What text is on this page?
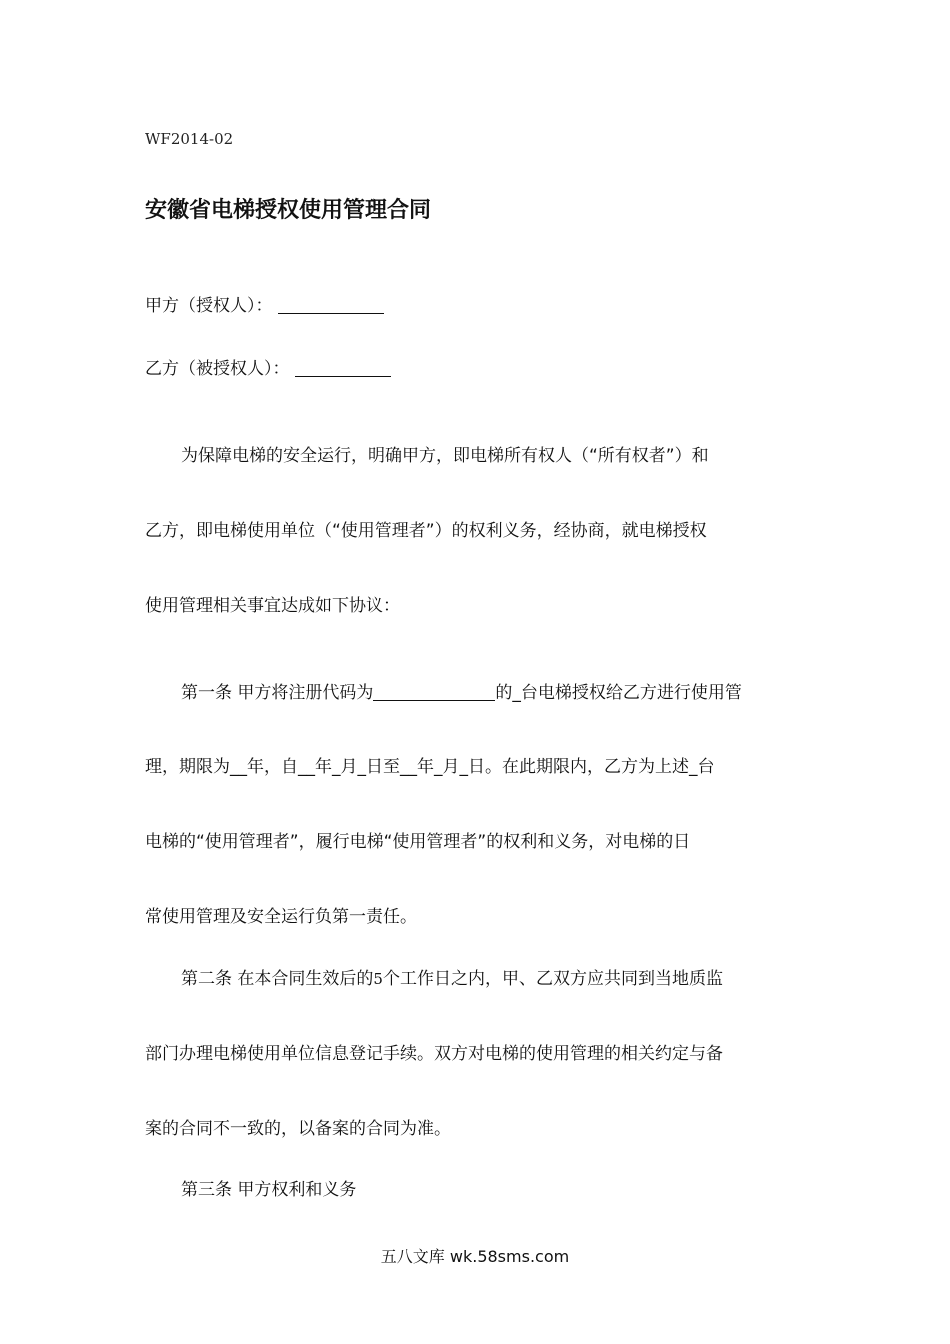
WF2014-02
安徽省电梯授权使用管理合同
甲方（授权人）：
乙方（被授权人）：
为保障电梯的安全运行，明确甲方，即电梯所有权人（“所有权者”）和
乙方，即电梯使用单位（“使用管理者”）的权利义务，经协商，就电梯授权
使用管理相关事宜达成如下协议：
第一条 甲方将注册代码为	的_台电梯授权给乙方进行使用管
理，期限为__年，自__年_月_日至__年_月_日。在此期限内，乙方为上述_台
电梯的“使用管理者”，履行电梯“使用管理者”的权利和义务，对电梯的日
常使用管理及安全运行负第一责任。
第二条 在本合同生效后的5个工作日之内，甲、乙双方应共同到当地质监
部门办理电梯使用单位信息登记手续。双方对电梯的使用管理的相关约定与备
案的合同不一致的，以备案的合同为准。
第三条 甲方权利和义务
五八文库 wk.58sms.com
